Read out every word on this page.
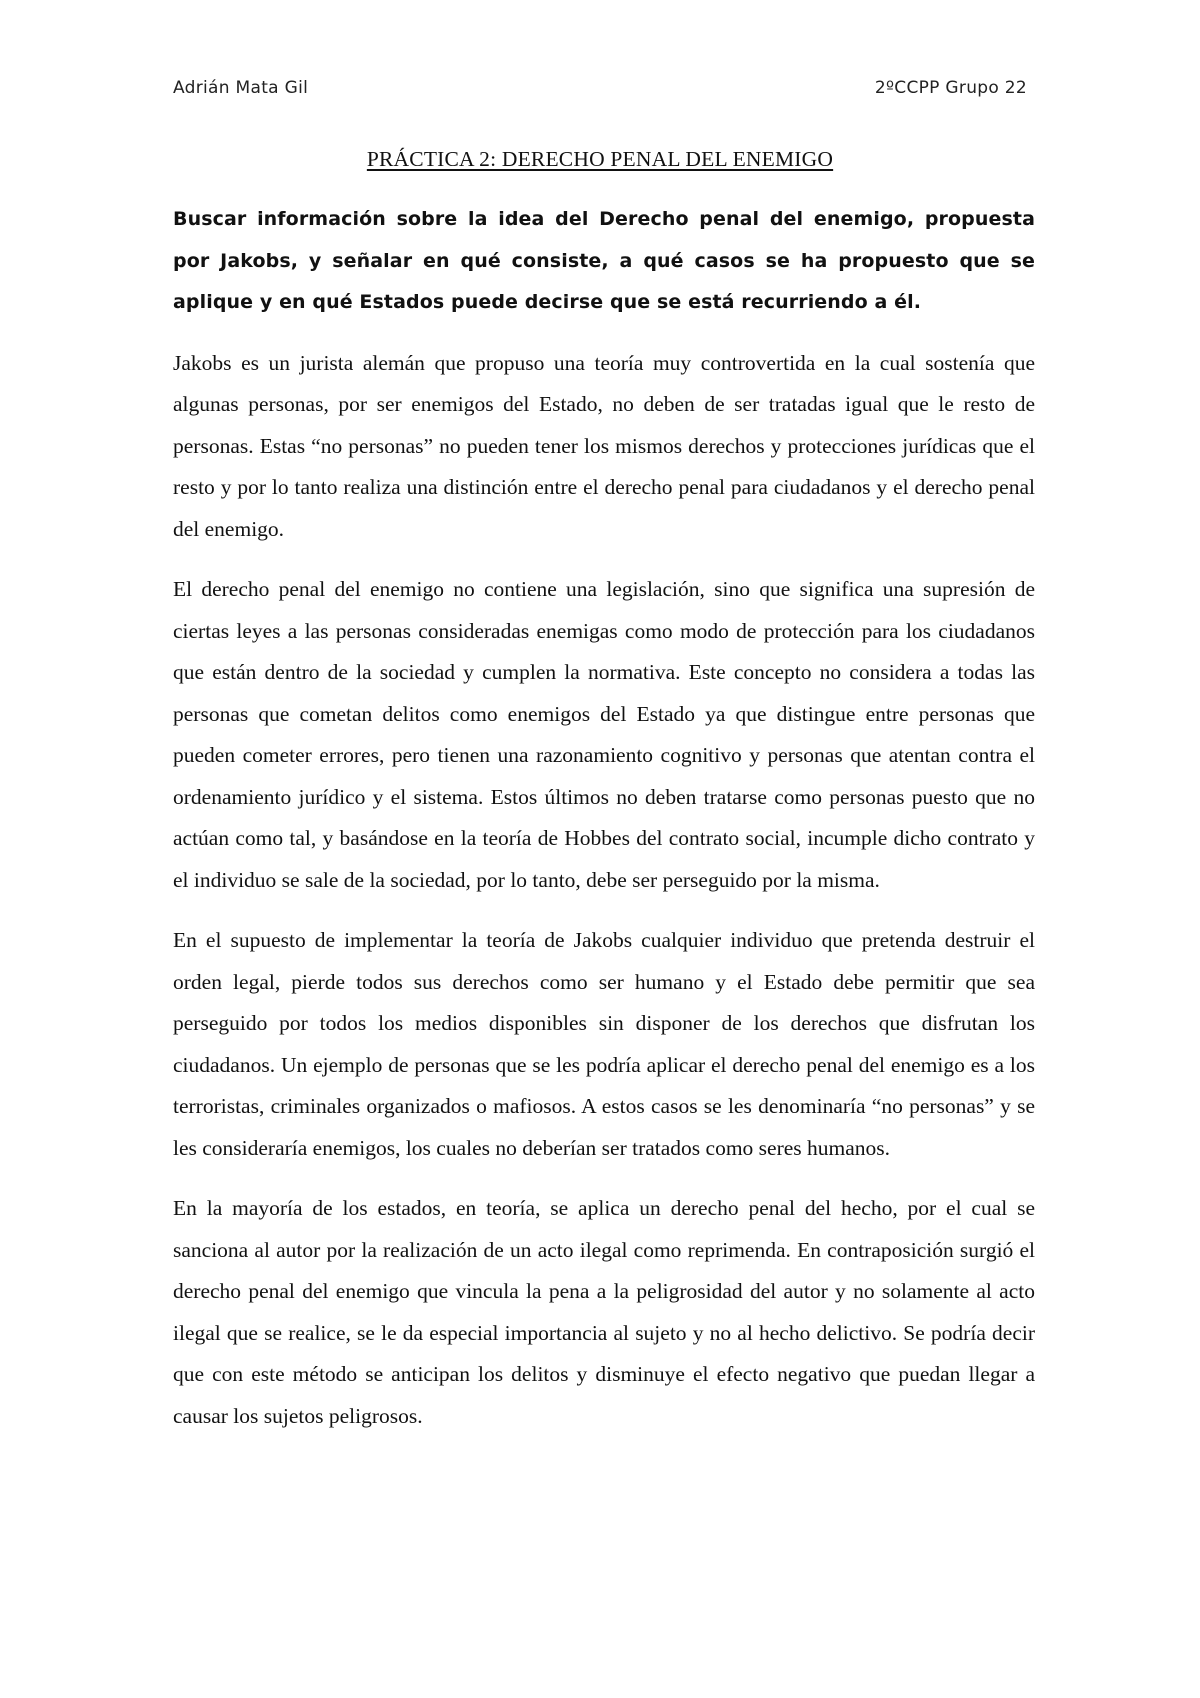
Adrián Mata Gil	2ºCCPP Grupo 22
PRÁCTICA 2: DERECHO PENAL DEL ENEMIGO

Buscar información sobre la idea del Derecho penal del enemigo, propuesta por Jakobs, y señalar en qué consiste, a qué casos se ha propuesto que se aplique y en qué Estados puede decirse que se está recurriendo a él.

Jakobs es un jurista alemán que propuso una teoría muy controvertida en la cual sostenía que algunas personas, por ser enemigos del Estado, no deben de ser tratadas igual que le resto de personas. Estas “no personas” no pueden tener los mismos derechos y protecciones jurídicas que el resto y por lo tanto realiza una distinción entre el derecho penal para ciudadanos y el derecho penal del enemigo.

El derecho penal del enemigo no contiene una legislación, sino que significa una supresión de ciertas leyes a las personas consideradas enemigas como modo de protección para los ciudadanos que están dentro de la sociedad y cumplen la normativa. Este concepto no considera a todas las personas que cometan delitos como enemigos del Estado ya que distingue entre personas que pueden cometer errores, pero tienen una razonamiento cognitivo y personas que atentan contra el ordenamiento jurídico y el sistema. Estos últimos no deben tratarse como personas puesto que no actúan como tal, y basándose en la teoría de Hobbes del contrato social, incumple dicho contrato y el individuo se sale de la sociedad, por lo tanto, debe ser perseguido por la misma.

En el supuesto de implementar la teoría de Jakobs cualquier individuo que pretenda destruir el orden legal, pierde todos sus derechos como ser humano y el Estado debe permitir que sea perseguido por todos los medios disponibles sin disponer de los derechos que disfrutan los ciudadanos. Un ejemplo de personas que se les podría aplicar el derecho penal del enemigo es a los terroristas, criminales organizados o mafiosos. A estos casos se les denominaría “no personas” y se les consideraría enemigos, los cuales no deberían ser tratados como seres humanos.

En la mayoría de los estados, en teoría, se aplica un derecho penal del hecho, por el cual se sanciona al autor por la realización de un acto ilegal como reprimenda. En contraposición surgió el derecho penal del enemigo que vincula la pena a la peligrosidad del autor y no solamente al acto ilegal que se realice, se le da especial importancia al sujeto y no al hecho delictivo. Se podría decir que con este método se anticipan los delitos y disminuye el efecto negativo que puedan llegar a causar los sujetos peligrosos.
